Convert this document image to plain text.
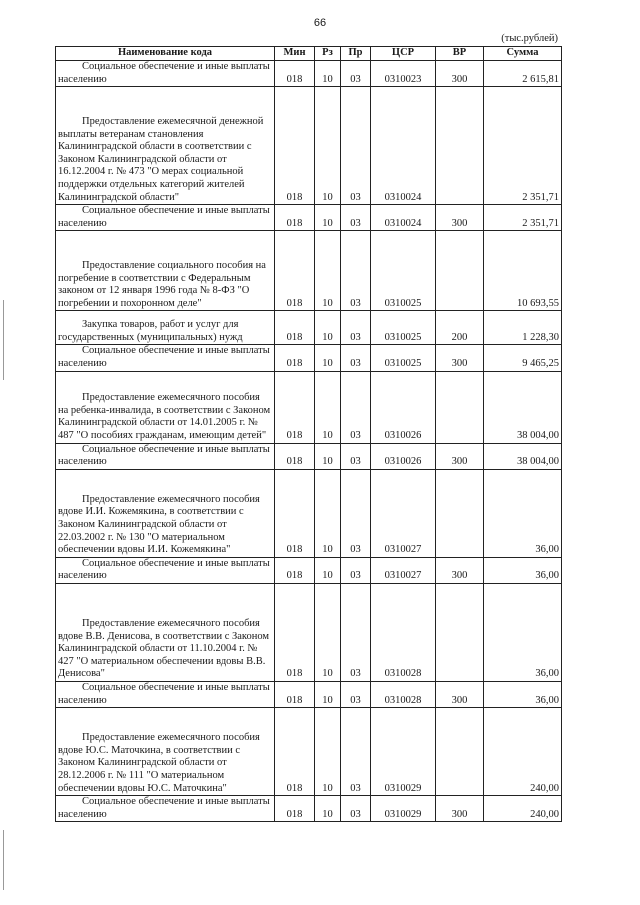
66
(тыс.рублей)
Наименование кода	Мин	Рз	Пр	ЦСР	ВР	Сумма

Социальное обеспечение и иные выплаты населению	018	10	03	0310023	300	2 615,81

Предоставление ежемесячной денежной выплаты ветеранам становления Калининградской области в соответствии с Законом Калининградской области от 16.12.2004 г. № 473 "О мерах социальной поддержки отдельных категорий жителей Калининградской области"	018	10	03	0310024		2 351,71

Социальное обеспечение и иные выплаты населению	018	10	03	0310024	300	2 351,71

Предоставление социального пособия на погребение в соответствии с Федеральным законом от 12 января 1996 года № 8-ФЗ "О погребении и похоронном деле"	018	10	03	0310025		10 693,55

Закупка товаров, работ и услуг для государственных (муниципальных) нужд	018	10	03	0310025	200	1 228,30

Социальное обеспечение и иные выплаты населению	018	10	03	0310025	300	9 465,25

Предоставление ежемесячного пособия на ребенка-инвалида, в соответствии с Законом Калининградской области от 14.01.2005 г. № 487 "О пособиях гражданам, имеющим детей"	018	10	03	0310026		38 004,00

Социальное обеспечение и иные выплаты населению	018	10	03	0310026	300	38 004,00

Предоставление ежемесячного пособия вдове И.И. Кожемякина, в соответствии с Законом Калининградской области от 22.03.2002 г. № 130 "О материальном обеспечении вдовы И.И. Кожемякина"	018	10	03	0310027		36,00

Социальное обеспечение и иные выплаты населению	018	10	03	0310027	300	36,00

Предоставление ежемесячного пособия вдове В.В. Денисова, в соответствии с Законом Калининградской области от 11.10.2004 г. № 427 "О материальном обеспечении вдовы В.В. Денисова"	018	10	03	0310028		36,00

Социальное обеспечение и иные выплаты населению	018	10	03	0310028	300	36,00

Предоставление ежемесячного пособия вдове Ю.С. Маточкина, в соответствии с Законом Калининградской области от 28.12.2006 г. № 111 "О материальном обеспечении вдовы Ю.С. Маточкина"	018	10	03	0310029		240,00

Социальное обеспечение и иные выплаты населению	018	10	03	0310029	300	240,00
